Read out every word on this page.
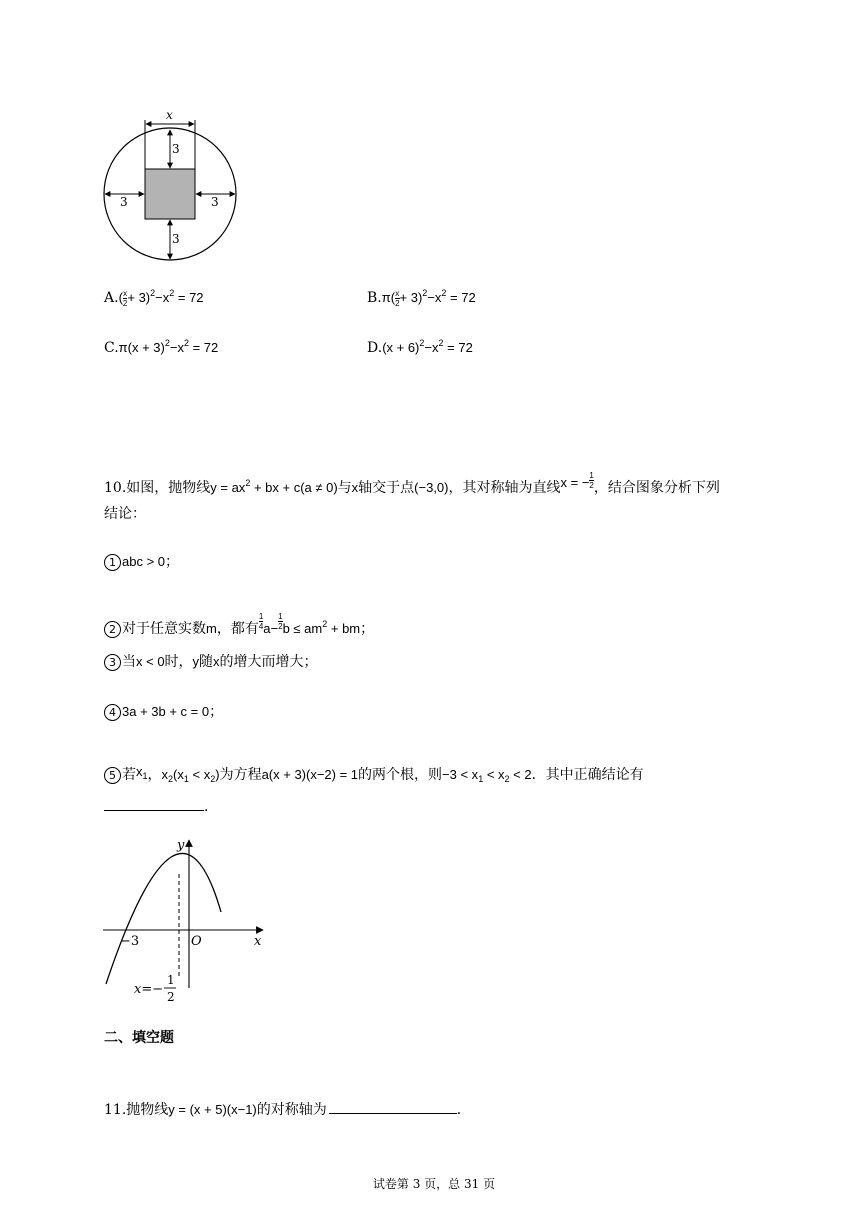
x
3
3	3
3
$A.( \frac{x}{2} + 3)^2-x^2 = 72$	$B.\pi( \frac{x}{2} + 3)^2-x^2 = 72$
$C.\pi(x + 3)^2-x^2 = 72$	$D.(x + 6)^2-x^2 = 72$
10.如图，抛物线$y = ax^2$ + bx + c(a ≠ 0)与x轴交于点(−3,0)，其对称轴为直线x = − $\frac{1}{2}$ ，结合图象分析下列
结论：
1 abc > 0；
2 对于任意实数m，都有 $\frac{1}{4} a- \frac{1}{2}$ $b \le am^2$ + bm；
3 当x < 0时，y随x的增大而增大；
4 3a + 3b + c = 0；
5 若$x_1$，$x_2(x_1 < x_2)$为方程a(x + 3)(x−2) = 1的两个根，则$-3 < x_1 < x_2 < 2$．其中正确结论有
．
y
x
O
−3
x=−
1
2
二、填空题
11.抛物线y = (x + 5)(x−1)的对称轴为	．
试卷第 3 页，总 31 页
